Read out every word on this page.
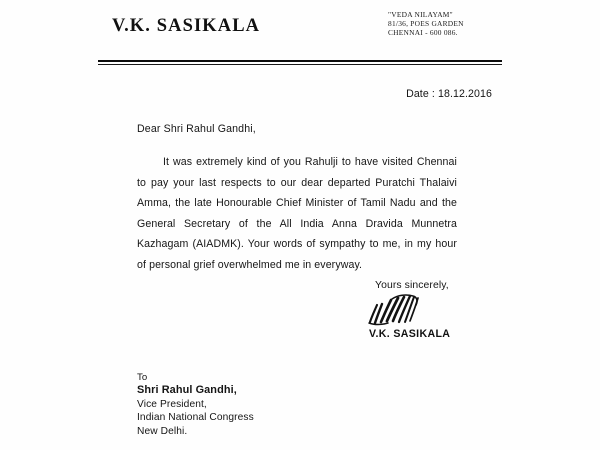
V.K. SASIKALA
"VEDA NILAYAM"
81/36, POES GARDEN
CHENNAI - 600 086.
Date : 18.12.2016
Dear Shri Rahul Gandhi,
It was extremely kind of you Rahulji to have visited Chennai to pay your last respects to our dear departed Puratchi Thalaivi Amma, the late Honourable Chief Minister of Tamil Nadu and the General Secretary of the All India Anna Dravida Munnetra Kazhagam (AIADMK). Your words of sympathy to me, in my hour of personal grief overwhelmed me in everyway.
Yours sincerely,
V.K. SASIKALA
To
Shri Rahul Gandhi,
Vice President,
Indian National Congress
New Delhi.
